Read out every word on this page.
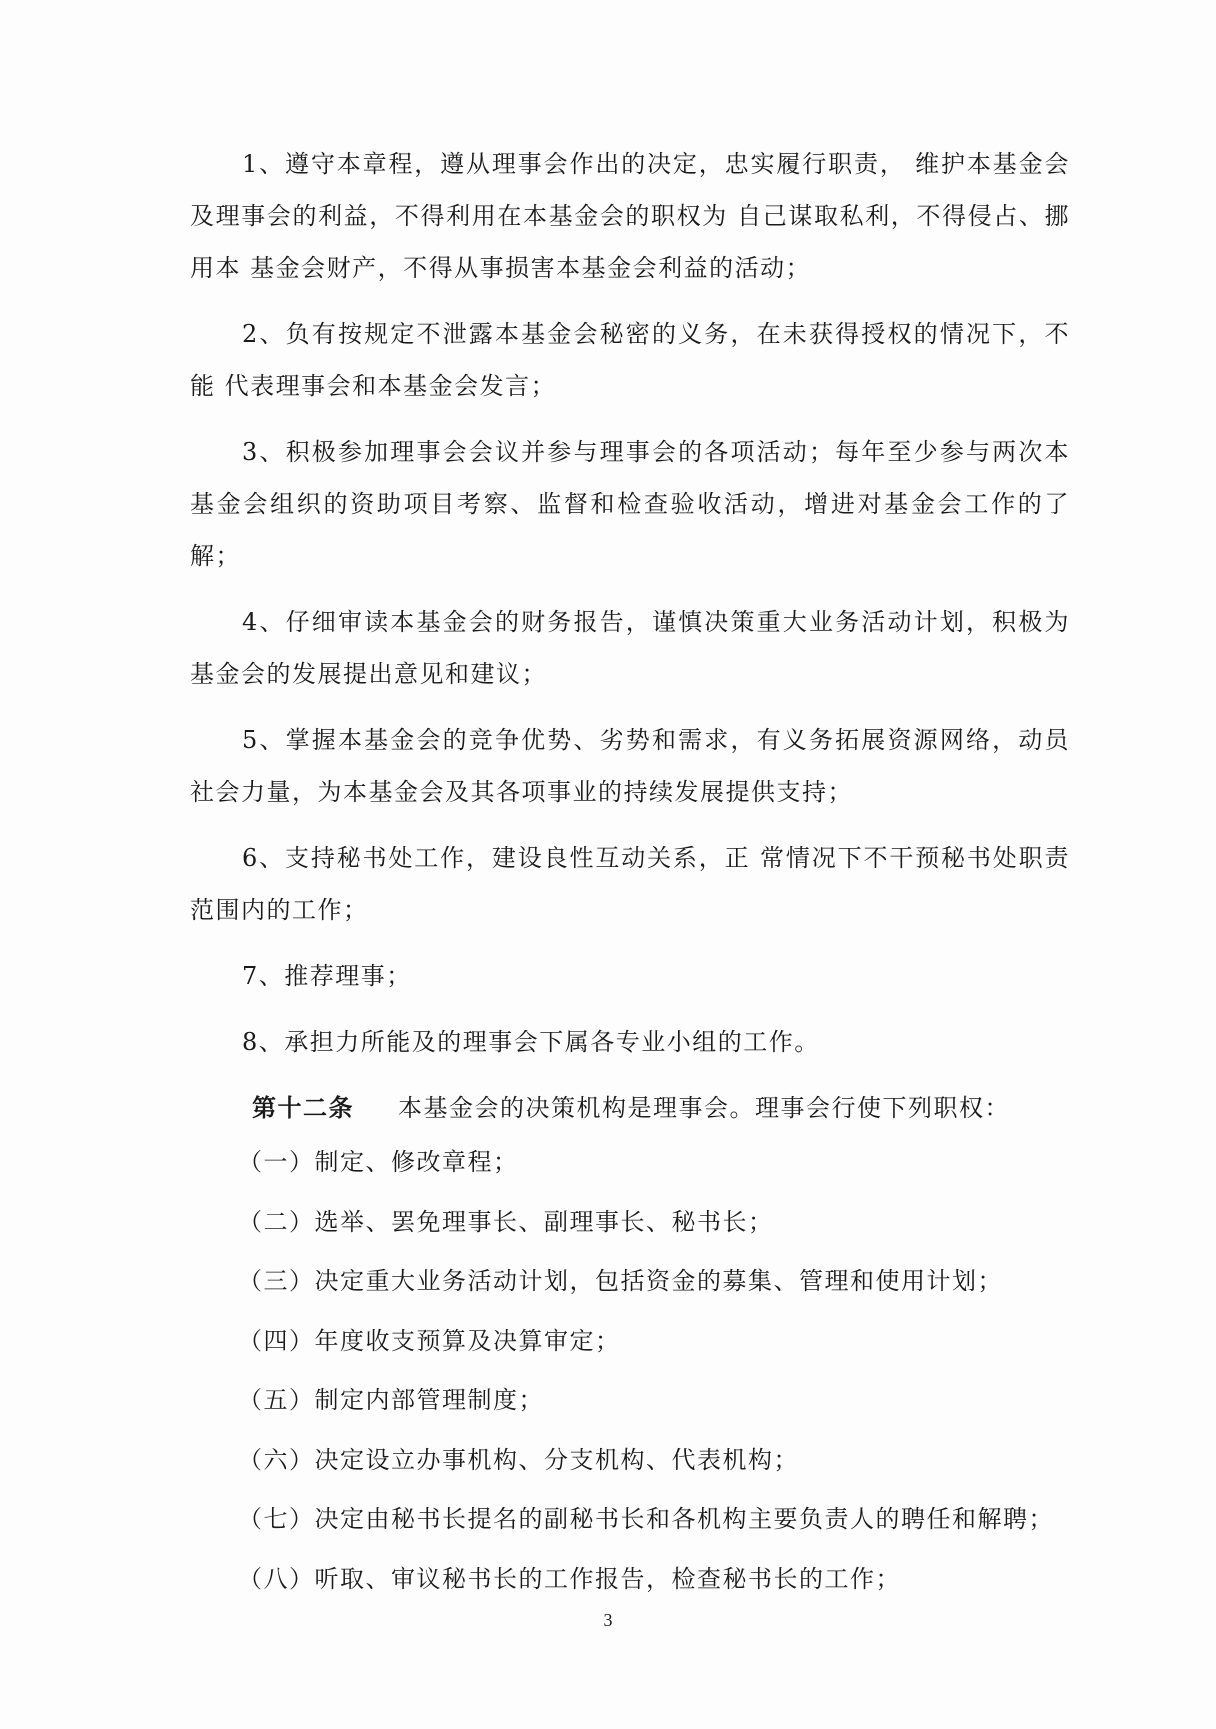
1、遵守本章程，遵从理事会作出的决定，忠实履行职责， 维护本基金会及理事会的利益，不得利用在本基金会的职权为 自己谋取私利，不得侵占、挪用本 基金会财产，不得从事损害本基金会利益的活动；

2、负有按规定不泄露本基金会秘密的义务，在未获得授权的情况下，不能 代表理事会和本基金会发言；

3、积极参加理事会会议并参与理事会的各项活动；每年至少参与两次本基金会组织的资助项目考察、监督和检查验收活动，增进对基金会工作的了解；

4、仔细审读本基金会的财务报告，谨慎决策重大业务活动计划，积极为基金会的发展提出意见和建议；

5、掌握本基金会的竞争优势、劣势和需求，有义务拓展资源网络，动员社会力量，为本基金会及其各项事业的持续发展提供支持；

6、支持秘书处工作，建设良性互动关系，正 常情况下不干预秘书处职责范围内的工作；

7、推荐理事；

8、承担力所能及的理事会下属各专业小组的工作。

第十二条 本基金会的决策机构是理事会。理事会行使下列职权：
（一）制定、修改章程；
（二）选举、罢免理事长、副理事长、秘书长；
（三）决定重大业务活动计划，包括资金的募集、管理和使用计划；
（四）年度收支预算及决算审定；
（五）制定内部管理制度；
（六）决定设立办事机构、分支机构、代表机构；
（七）决定由秘书长提名的副秘书长和各机构主要负责人的聘任和解聘；
（八）听取、审议秘书长的工作报告，检查秘书长的工作；
3
